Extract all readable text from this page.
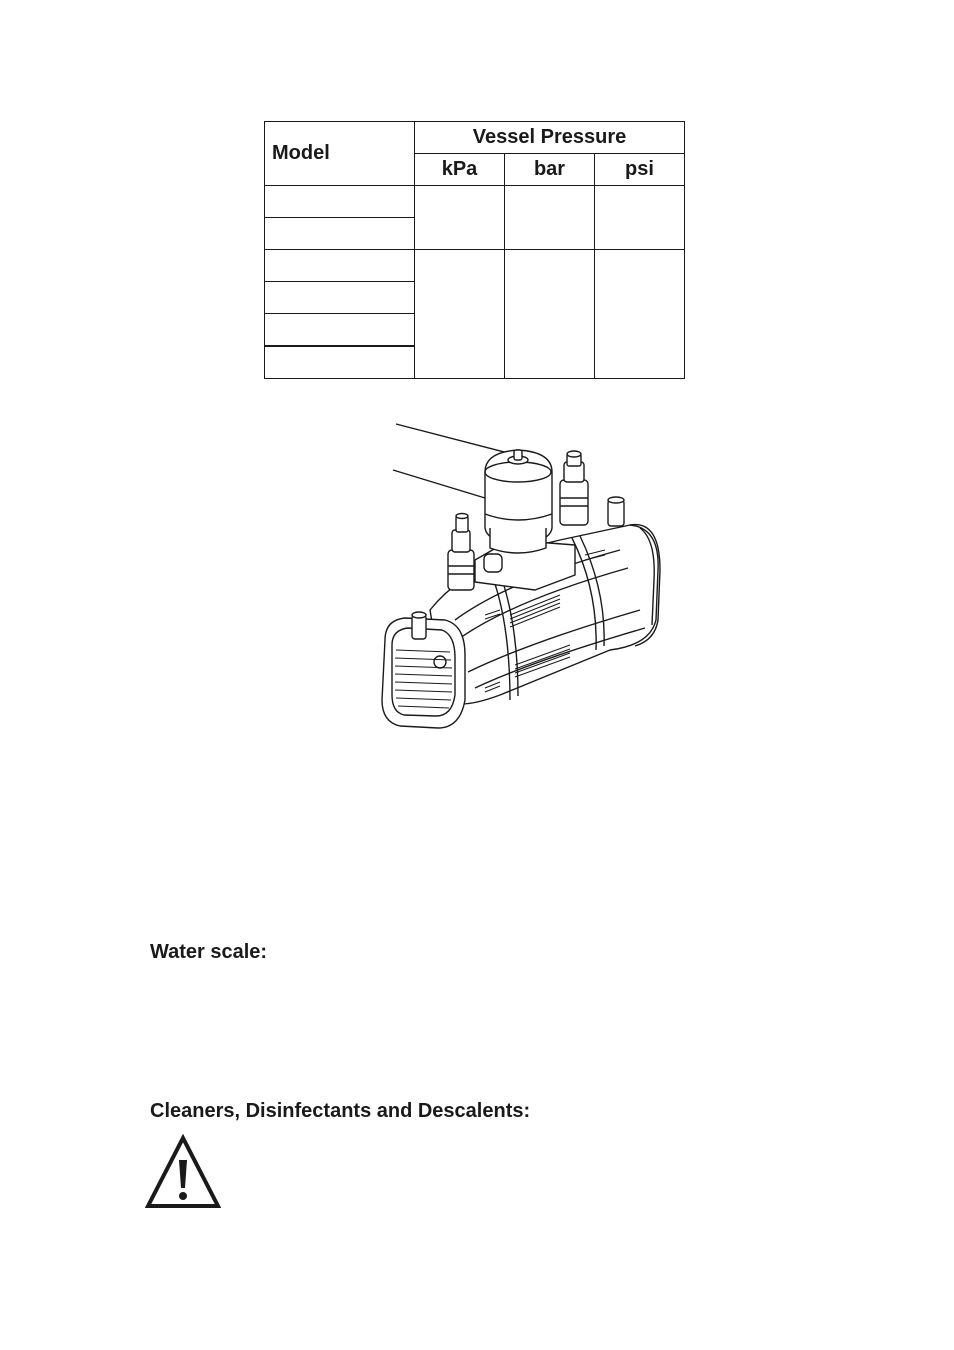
Model	Vessel Pressure		
	kPa	bar	psi

Water scale:
Cleaners, Disinfectants and Descalents:
